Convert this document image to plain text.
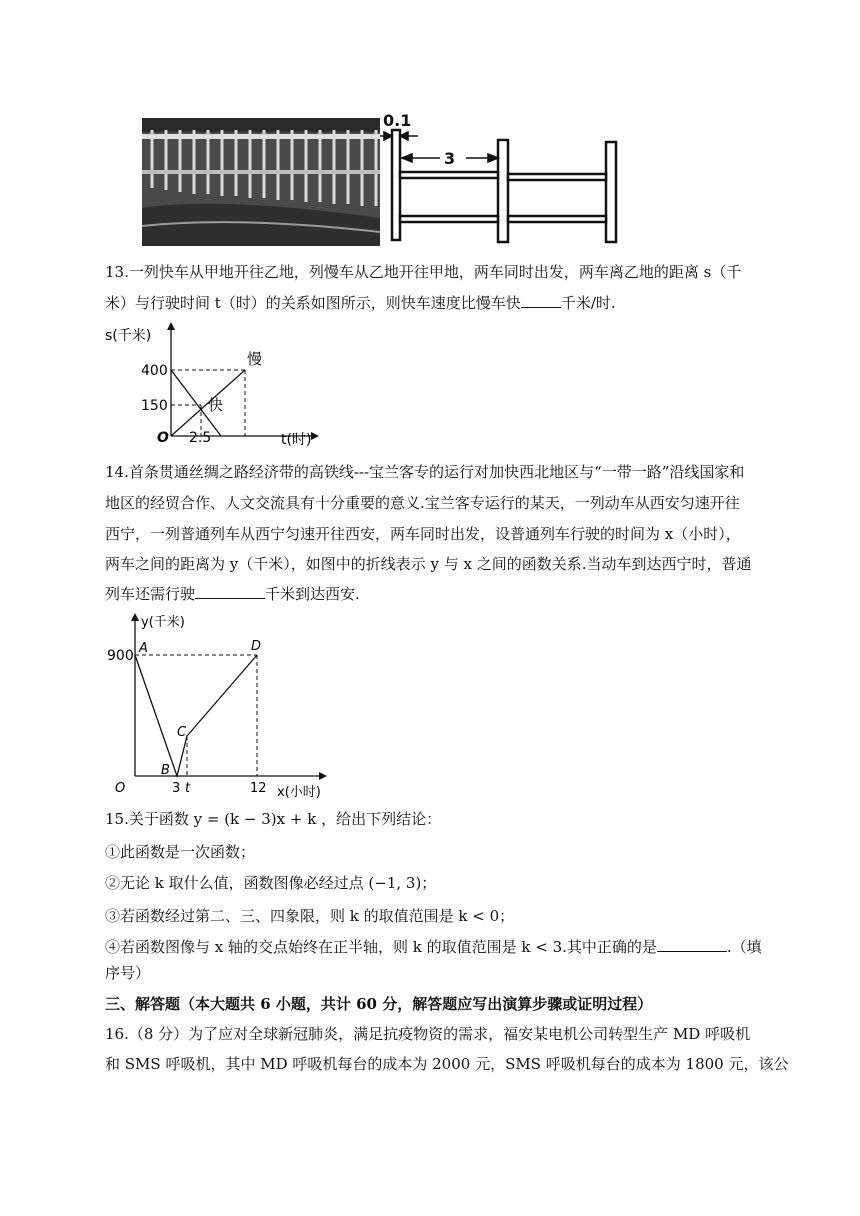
0.1
3
13.一列快车从甲地开往乙地，列慢车从乙地开往甲地，两车同时出发，两车离乙地的距离 s（千
米）与行驶时间 t（时）的关系如图所示，则快车速度比慢车快	千米/时.
s(千米)
400
150
O 2.5	t(时)
慢
快
14.首条贯通丝绸之路经济带的高铁线---宝兰客专的运行对加快西北地区与“一带一路”沿线国家和
地区的经贸合作、人文交流具有十分重要的意义.宝兰客专运行的某天，一列动车从西安匀速开往
西宁，一列普通列车从西宁匀速开往西安，两车同时出发，设普通列车行驶的时间为 x（小时），
两车之间的距离为 y（千米），如图中的折线表示 y 与 x 之间的函数关系.当动车到达西宁时，普通
列车还需行驶	千米到达西安.
y(千米)
900 A
B
C
D
O	3 t	12 x(小时)
15.关于函数 y = (k − 3)x + k ，给出下列结论：
①此函数是一次函数；
②无论 k 取什么值，函数图像必经过点 (−1, 3)；
③若函数经过第二、三、四象限，则 k 的取值范围是 k < 0；
④若函数图像与 x 轴的交点始终在正半轴，则 k 的取值范围是 k < 3.其中正确的是	.（填
序号）
三、解答题（本大题共 6 小题，共计 60 分，解答题应写出演算步骤或证明过程）
16.（8 分）为了应对全球新冠肺炎，满足抗疫物资的需求，福安某电机公司转型生产 MD 呼吸机
和 SMS 呼吸机，其中 MD 呼吸机每台的成本为 2000 元，SMS 呼吸机每台的成本为 1800 元，该公
